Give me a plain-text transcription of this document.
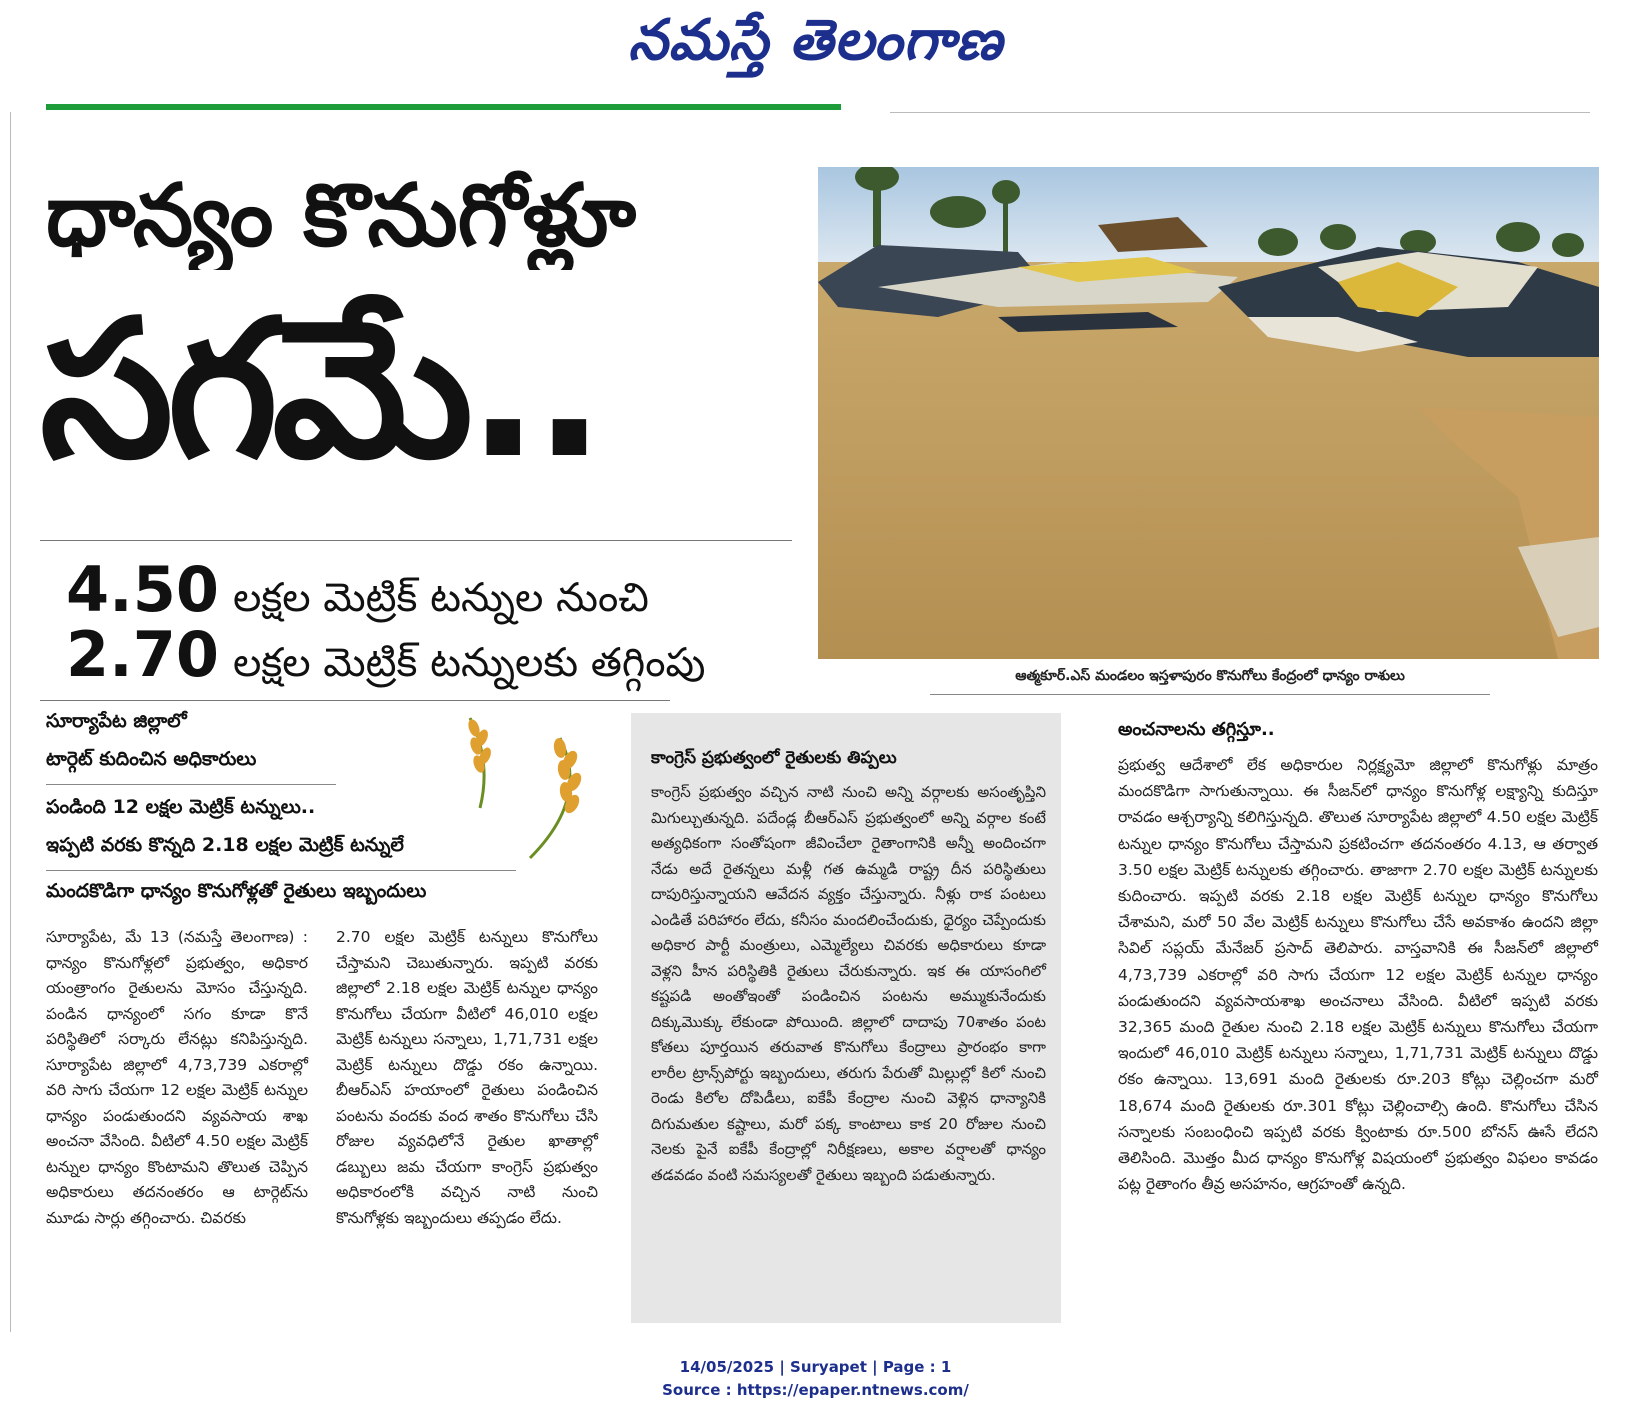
నమస్తే తెలంగాణ
ధాన్యం కొనుగోళ్లూ
సగమే..
4.50 లక్షల మెట్రిక్ టన్నుల నుంచి
2.70 లక్షల మెట్రిక్ టన్నులకు తగ్గింపు	ఆత్మకూర్.ఎస్ మండలం ఇస్తళాపురం కొనుగోలు కేంద్రంలో ధాన్యం రాశులు
సూర్యాపేట జిల్లాలో
టార్గెట్ కుదించిన అధికారులు
పండింది 12 లక్షల మెట్రిక్ టన్నులు..
ఇప్పటి వరకు కొన్నది 2.18 లక్షల మెట్రిక్ టన్నులే
మందకొడిగా ధాన్యం కొనుగోళ్లతో రైతులు ఇబ్బందులు

సూర్యాపేట, మే 13 (నమస్తే తెలంగాణ) : ధాన్యం కొనుగోళ్లలో ప్రభుత్వం, అధికార యంత్రాంగం రైతులను మోసం చేస్తున్నది. పండిన ధాన్యంలో సగం కూడా కొనే పరిస్థితిలో సర్కారు లేనట్లు కనిపిస్తున్నది. సూర్యాపేట జిల్లాలో 4,73,739 ఎకరాల్లో వరి సాగు చేయగా 12 లక్షల మెట్రిక్ టన్నుల ధాన్యం పండుతుందని వ్యవసాయ శాఖ అంచనా వేసింది. వీటిలో 4.50 లక్షల మెట్రిక్ టన్నుల ధాన్యం కొంటామని తొలుత చెప్పిన అధికారులు తదనంతరం ఆ టార్గెట్‌ను మూడు సార్లు తగ్గించారు. చివరకు

2.70 లక్షల మెట్రిక్ టన్నులు కొనుగోలు చేస్తామని చెబుతున్నారు. ఇప్పటి వరకు జిల్లాలో 2.18 లక్షల మెట్రిక్ టన్నుల ధాన్యం కొనుగోలు చేయగా వీటిలో 46,010 లక్షల మెట్రిక్ టన్నులు సన్నాలు, 1,71,731 లక్షల మెట్రిక్ టన్నులు దొడ్డు రకం ఉన్నాయి. బీఆర్ఎస్ హయాంలో రైతులు పండించిన పంటను వందకు వంద శాతం కొనుగోలు చేసి రోజుల వ్యవధిలోనే రైతుల ఖాతాల్లో డబ్బులు జమ చేయగా కాంగ్రెస్ ప్రభుత్వం అధికారంలోకి వచ్చిన నాటి నుంచి కొనుగోళ్లకు ఇబ్బందులు తప్పడం లేదు.

కాంగ్రెస్ ప్రభుత్వంలో రైతులకు తిప్పలు

కాంగ్రెస్ ప్రభుత్వం వచ్చిన నాటి నుంచి అన్ని వర్గాలకు అసంతృప్తిని మిగుల్చుతున్నది. పదేండ్ల బీఆర్ఎస్ ప్రభుత్వంలో అన్ని వర్గాల కంటే అత్యధికంగా సంతోషంగా జీవించేలా రైతాంగానికి అన్నీ అందించగా నేడు అదే రైతన్నలు మళ్లీ గత ఉమ్మడి రాష్ట్ర దీన పరిస్థితులు దాపురిస్తున్నాయని ఆవేదన వ్యక్తం చేస్తున్నారు. నీళ్లు రాక పంటలు ఎండితే పరిహారం లేదు, కనీసం మందలించేందుకు, ధైర్యం చెప్పేందుకు అధికార పార్టీ మంత్రులు, ఎమ్మెల్యేలు చివరకు అధికారులు కూడా వెళ్లని హీన పరిస్థితికి రైతులు చేరుకున్నారు. ఇక ఈ యాసంగిలో కష్టపడి అంతోఇంతో పండించిన పంటను అమ్ముకునేందుకు దిక్కుమొక్కు లేకుండా పోయింది. జిల్లాలో దాదాపు 70శాతం పంట కోతలు పూర్తయిన తరువాత కొనుగోలు కేంద్రాలు ప్రారంభం కాగా లారీల ట్రాన్స్‌పోర్టు ఇబ్బందులు, తరుగు పేరుతో మిల్లుల్లో కిలో నుంచి రెండు కిలోల దోపిడీలు, ఐకేపీ కేంద్రాల నుంచి వెళ్లిన ధాన్యానికి దిగుమతుల కష్టాలు, మరో పక్క కాంటాలు కాక 20 రోజుల నుంచి నెలకు పైనే ఐకేపీ కేంద్రాల్లో నిరీక్షణలు, అకాల వర్షాలతో ధాన్యం తడవడం వంటి సమస్యలతో రైతులు ఇబ్బంది పడుతున్నారు.

అంచనాలను తగ్గిస్తూ..

ప్రభుత్వ ఆదేశాలో లేక అధికారుల నిర్లక్ష్యమో జిల్లాలో కొనుగోళ్లు మాత్రం మందకొడిగా సాగుతున్నాయి. ఈ సీజన్‌లో ధాన్యం కొనుగోళ్ల లక్ష్యాన్ని కుదిస్తూ రావడం ఆశ్చర్యాన్ని కలిగిస్తున్నది. తొలుత సూర్యాపేట జిల్లాలో 4.50 లక్షల మెట్రిక్ టన్నుల ధాన్యం కొనుగోలు చేస్తామని ప్రకటించగా తదనంతరం 4.13, ఆ తర్వాత 3.50 లక్షల మెట్రిక్ టన్నులకు తగ్గించారు. తాజాగా 2.70 లక్షల మెట్రిక్ టన్నులకు కుదించారు. ఇప్పటి వరకు 2.18 లక్షల మెట్రిక్ టన్నుల ధాన్యం కొనుగోలు చేశామని, మరో 50 వేల మెట్రిక్ టన్నులు కొనుగోలు చేసే అవకాశం ఉందని జిల్లా సివిల్ సప్లయ్ మేనేజర్ ప్రసాద్ తెలిపారు. వాస్తవానికి ఈ సీజన్‌లో జిల్లాలో 4,73,739 ఎకరాల్లో వరి సాగు చేయగా 12 లక్షల మెట్రిక్ టన్నుల ధాన్యం పండుతుందని వ్యవసాయశాఖ అంచనాలు వేసింది. వీటిలో ఇప్పటి వరకు 32,365 మంది రైతుల నుంచి 2.18 లక్షల మెట్రిక్ టన్నులు కొనుగోలు చేయగా ఇందులో 46,010 మెట్రిక్ టన్నులు సన్నాలు, 1,71,731 మెట్రిక్ టన్నులు దొడ్డు రకం ఉన్నాయి. 13,691 మంది రైతులకు రూ.203 కోట్లు చెల్లించగా మరో 18,674 మంది రైతులకు రూ.301 కోట్లు చెల్లించాల్సి ఉంది. కొనుగోలు చేసిన సన్నాలకు సంబంధించి ఇప్పటి వరకు క్వింటాకు రూ.500 బోనస్ ఊసే లేదని తెలిసింది. మొత్తం మీద ధాన్యం కొనుగోళ్ల విషయంలో ప్రభుత్వం విఫలం కావడం పట్ల రైతాంగం తీవ్ర అసహనం, ఆగ్రహంతో ఉన్నది.

14/05/2025 | Suryapet | Page : 1
Source : https://epaper.ntnews.com/
